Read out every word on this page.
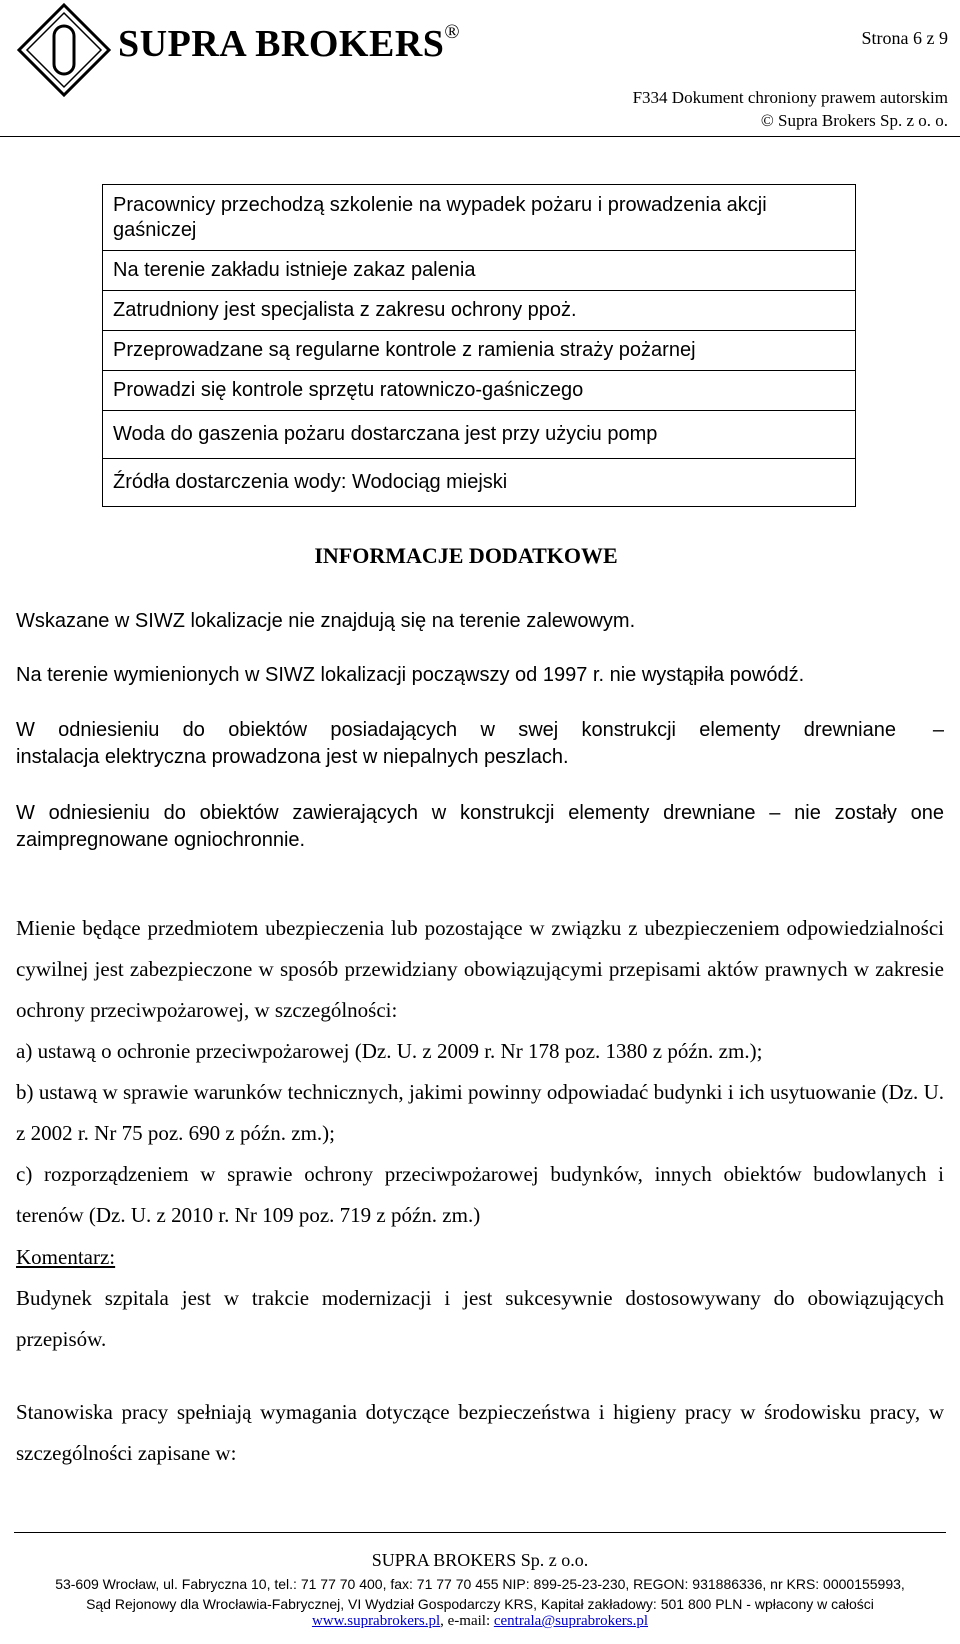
SUPRA BROKERS®	Strona 6 z 9
F334 Dokument chroniony prawem autorskim
© Supra Brokers Sp. z o. o.
Pracownicy przechodzą szkolenie na wypadek pożaru i prowadzenia akcji gaśniczej
Na terenie zakładu istnieje zakaz palenia
Zatrudniony jest specjalista z zakresu ochrony ppoż.
Przeprowadzane są regularne kontrole z ramienia straży pożarnej
Prowadzi się kontrole sprzętu ratowniczo-gaśniczego
Woda do gaszenia pożaru dostarczana jest przy użyciu pomp
Źródła dostarczenia wody: Wodociąg miejski
INFORMACJE DODATKOWE
Wskazane w SIWZ lokalizacje nie znajdują się na terenie zalewowym.
Na terenie wymienionych w SIWZ lokalizacji począwszy od 1997 r. nie wystąpiła powódź.
W odniesieniu do obiektów posiadających w swej konstrukcji elementy drewniane –
instalacja elektryczna prowadzona jest w niepalnych peszlach.
W odniesieniu do obiektów zawierających w konstrukcji elementy drewniane – nie zostały one zaimpregnowane ogniochronnie.
Mienie będące przedmiotem ubezpieczenia lub pozostające w związku z ubezpieczeniem odpowiedzialności cywilnej jest zabezpieczone w sposób przewidziany obowiązującymi przepisami aktów prawnych w zakresie ochrony przeciwpożarowej, w szczególności:
a) ustawą o ochronie przeciwpożarowej (Dz. U. z 2009 r. Nr 178 poz. 1380 z późn. zm.);
b) ustawą w sprawie warunków technicznych, jakimi powinny odpowiadać budynki i ich usytuowanie (Dz. U. z 2002 r. Nr 75 poz. 690 z późn. zm.);
c) rozporządzeniem w sprawie ochrony przeciwpożarowej budynków, innych obiektów budowlanych i terenów (Dz. U. z 2010 r. Nr 109 poz. 719 z późn. zm.)
Komentarz:
Budynek szpitala jest w trakcie modernizacji i jest sukcesywnie dostosowywany do obowiązujących przepisów.
Stanowiska pracy spełniają wymagania dotyczące bezpieczeństwa i higieny pracy w środowisku pracy, w szczególności zapisane w:
SUPRA BROKERS Sp. z o.o.
53-609 Wrocław, ul. Fabryczna 10, tel.: 71 77 70 400, fax: 71 77 70 455 NIP: 899-25-23-230, REGON: 931886336, nr KRS: 0000155993,
Sąd Rejonowy dla Wrocławia-Fabrycznej, VI Wydział Gospodarczy KRS, Kapitał zakładowy: 501 800 PLN - wpłacony w całości
www.suprabrokers.pl, e-mail: centrala@suprabrokers.pl
